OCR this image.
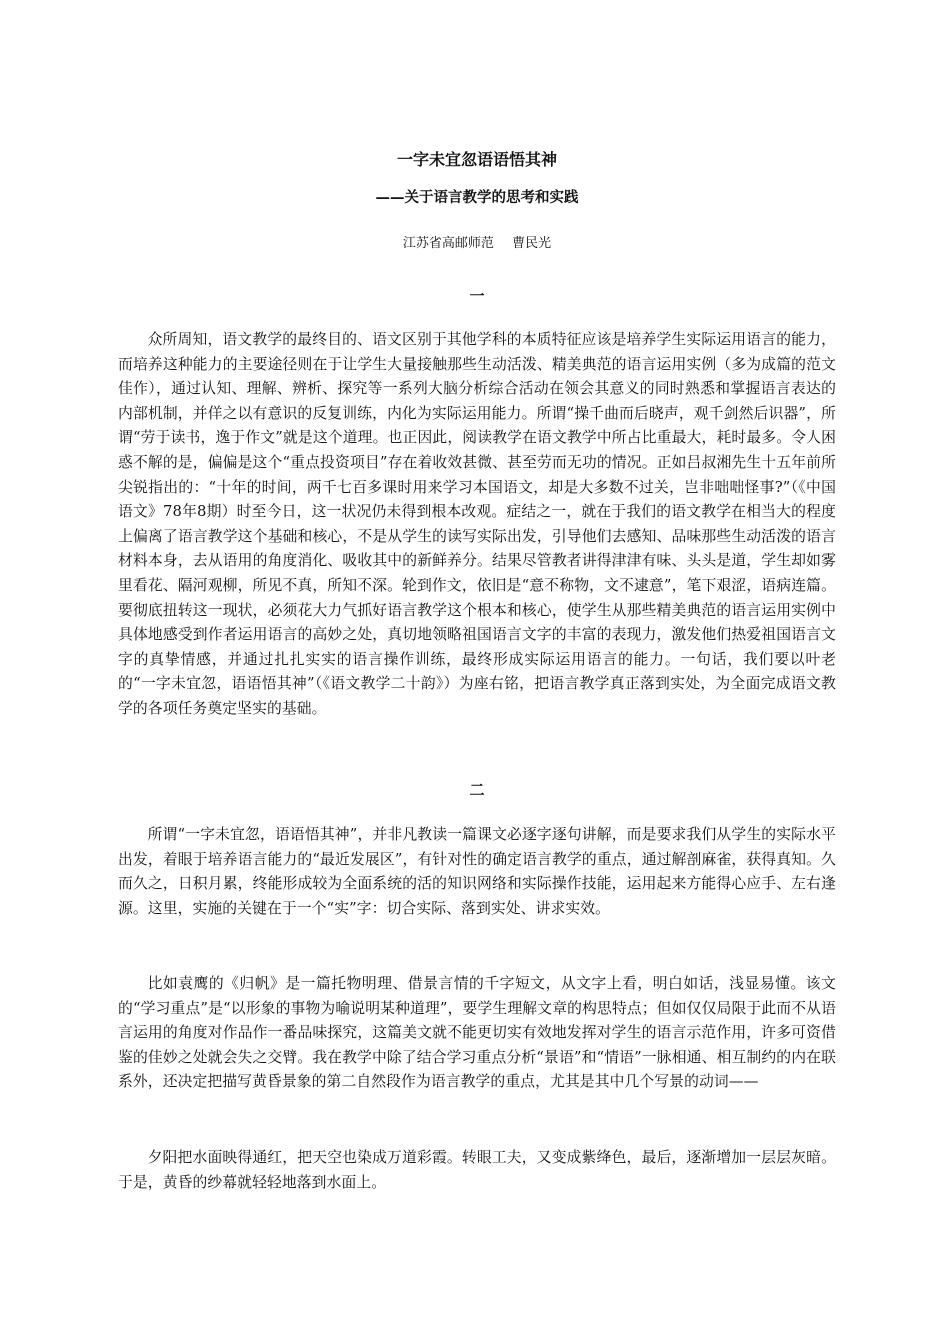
一字未宜忽语语悟其神
——关于语言教学的思考和实践
江苏省高邮师范 曹民光
一

众所周知，语文教学的最终目的、语文区别于其他学科的本质特征应该是培养学生实际运用语言的能力，而培养这种能力的主要途径则在于让学生大量接触那些生动活泼、精美典范的语言运用实例（多为成篇的范文佳作），通过认知、理解、辨析、探究等一系列大脑分析综合活动在领会其意义的同时熟悉和掌握语言表达的内部机制，并佯之以有意识的反复训练，内化为实际运用能力。所谓“操千曲而后晓声，观千剑然后识器”，所谓“劳于读书，逸于作文”就是这个道理。也正因此，阅读教学在语文教学中所占比重最大，耗时最多。令人困惑不解的是，偏偏是这个“重点投资项目”存在着收效甚微、甚至劳而无功的情况。正如吕叔湘先生十五年前所尖锐指出的：“十年的时间，两千七百多课时用来学习本国语文，却是大多数不过关，岂非咄咄怪事?”（《中国语文》78年8期）时至今日，这一状况仍未得到根本改观。症结之一，就在于我们的语文教学在相当大的程度上偏离了语言教学这个基础和核心，不是从学生的读写实际出发，引导他们去感知、品味那些生动活泼的语言材料本身，去从语用的角度消化、吸收其中的新鲜养分。结果尽管教者讲得津津有味、头头是道，学生却如雾里看花、隔河观柳，所见不真，所知不深。轮到作文，依旧是“意不称物，文不逮意”，笔下艰涩，语病连篇。要彻底扭转这一现状，必须花大力气抓好语言教学这个根本和核心，使学生从那些精美典范的语言运用实例中具体地感受到作者运用语言的高妙之处，真切地领略祖国语言文字的丰富的表现力，激发他们热爱祖国语言文字的真挚情感，并通过扎扎实实的语言操作训练，最终形成实际运用语言的能力。一句话，我们要以叶老的“一字未宜忽，语语悟其神”（《语文教学二十韵》）为座右铭，把语言教学真正落到实处，为全面完成语文教学的各项任务奠定坚实的基础。

二

所谓“一字未宜忽，语语悟其神”，并非凡教读一篇课文必逐字逐句讲解，而是要求我们从学生的实际水平出发，着眼于培养语言能力的“最近发展区”，有针对性的确定语言教学的重点，通过解剖麻雀，获得真知。久而久之，日积月累，终能形成较为全面系统的活的知识网络和实际操作技能，运用起来方能得心应手、左右逢源。这里，实施的关键在于一个“实”字：切合实际、落到实处、讲求实效。

比如袁鹰的《归帆》是一篇托物明理、借景言情的千字短文，从文字上看，明白如话，浅显易懂。该文的“学习重点”是“以形象的事物为喻说明某种道理”，要学生理解文章的构思特点；但如仅仅局限于此而不从语言运用的角度对作品作一番品味探究，这篇美文就不能更切实有效地发挥对学生的语言示范作用，许多可资借鉴的佳妙之处就会失之交臂。我在教学中除了结合学习重点分析“景语”和“情语”一脉相通、相互制约的内在联系外，还决定把描写黄昏景象的第二自然段作为语言教学的重点，尤其是其中几个写景的动词——

夕阳把水面映得通红，把天空也染成万道彩霞。转眼工夫，又变成紫绛色，最后，逐渐增加一层层灰暗。于是，黄昏的纱幕就轻轻地落到水面上。
